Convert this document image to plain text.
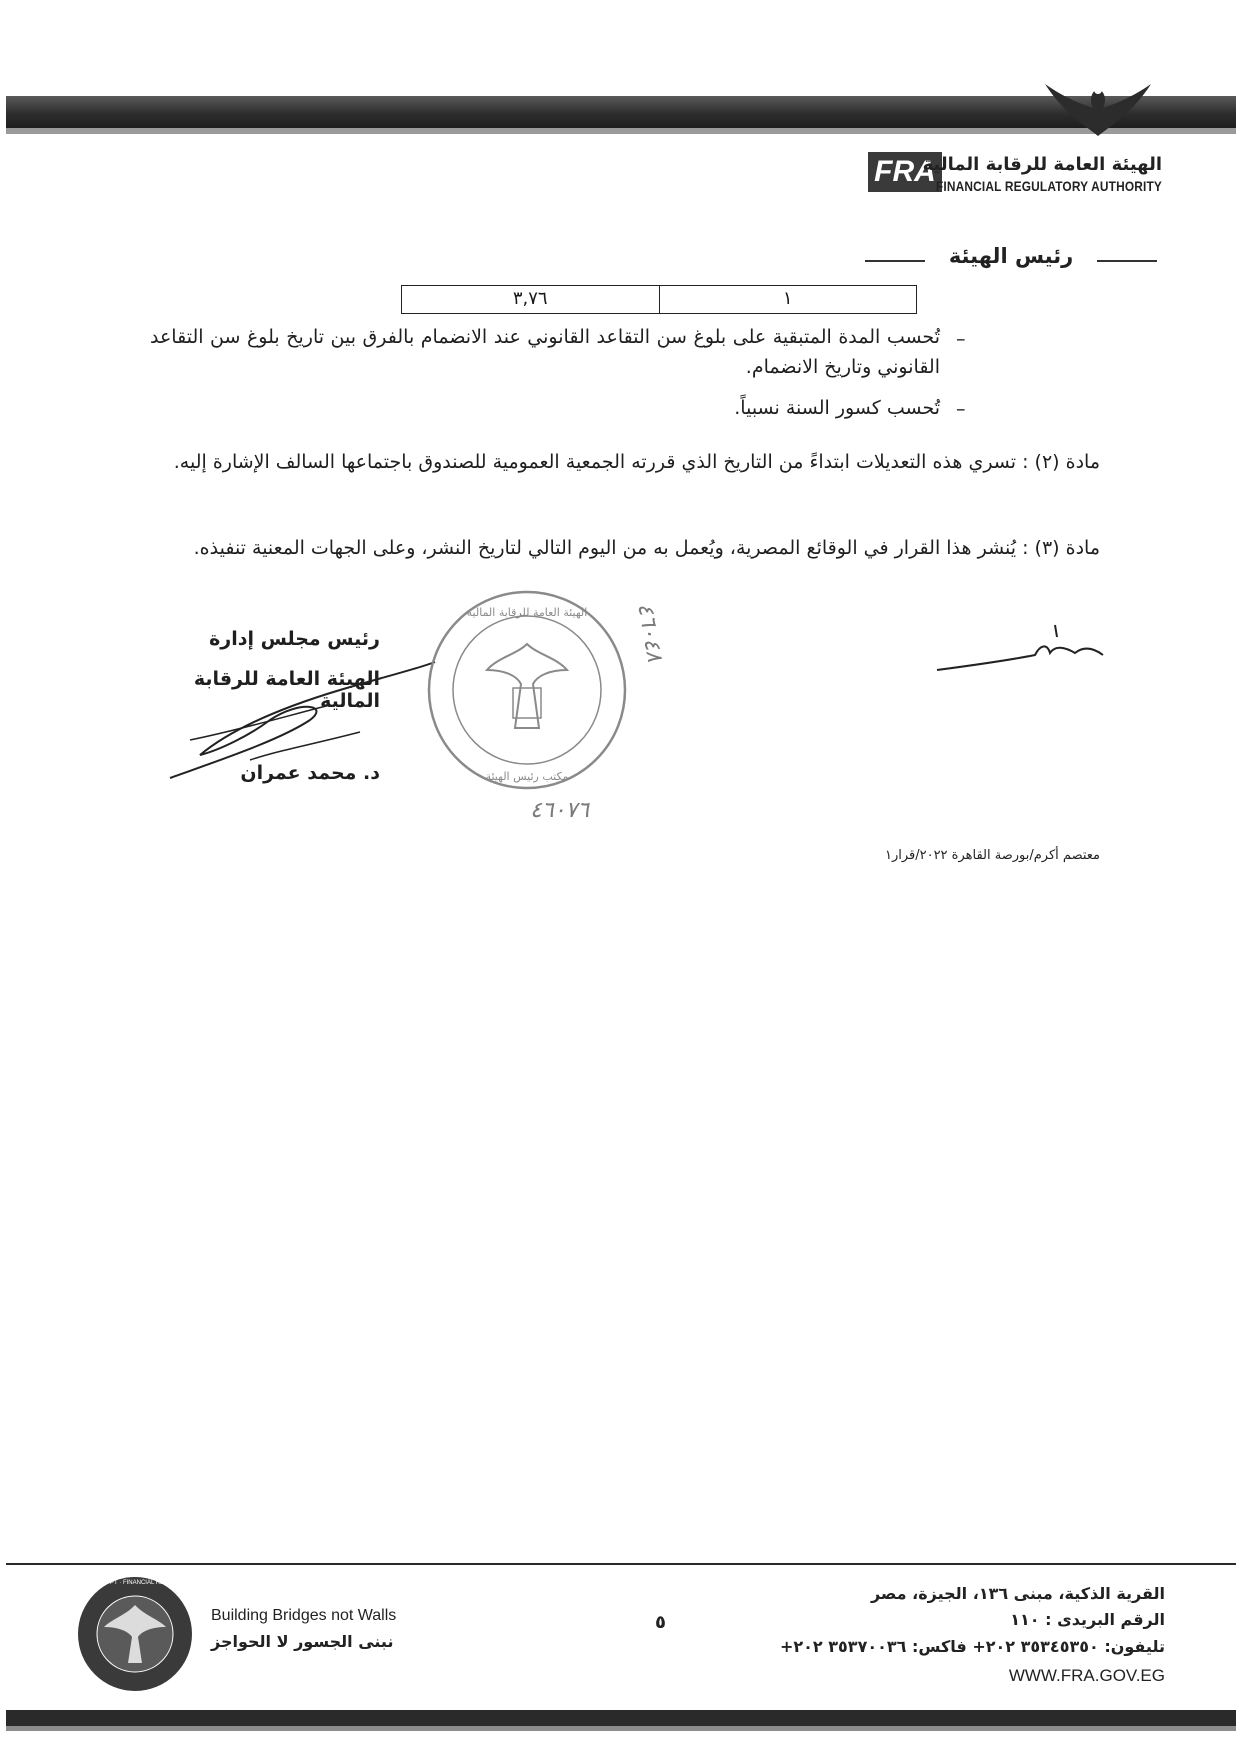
FRA
الهيئة العامة للرقابة المالية
FINANCIAL REGULATORY AUTHORITY
رئيس الهيئة
٣,٧٦	١
–
تُحسب المدة المتبقية على بلوغ سن التقاعد القانوني عند الانضمام بالفرق بين تاريخ بلوغ سن التقاعد القانوني وتاريخ الانضمام.
–
تُحسب كسور السنة نسبياً.
مادة (٢) : تسري هذه التعديلات ابتداءً من التاريخ الذي قررته الجمعية العمومية للصندوق باجتماعها السالف الإشارة إليه.
مادة (٣) : يُنشر هذا القرار في الوقائع المصرية، ويُعمل به من اليوم التالي لتاريخ النشر، وعلى الجهات المعنية تنفيذه.
رئيس مجلس إدارة
الهيئة العامة للرقابة المالية
د. محمد عمران
الهيئة العامة للرقابة المالية
مكتب رئيس الهيئة
٤٦٠٤٨
٤٦٠٧٦
معتصم أكرم/بورصة القاهرة ٢٠٢٢/قرار١
ARAB REPUBLIC OF EGYPT · FINANCIAL REGULATORY AUTHORITY
Building Bridges not Walls
نبنى الجسور لا الحواجز
٥
القرية الذكية، مبنى ١٣٦، الجيزة، مصر
الرقم البريدى : ١١٠
تليفون: ٣٥٣٤٥٣٥٠ ٢٠٢+ فاكس: ٣٥٣٧٠٠٣٦ ٢٠٢+
WWW.FRA.GOV.EG
